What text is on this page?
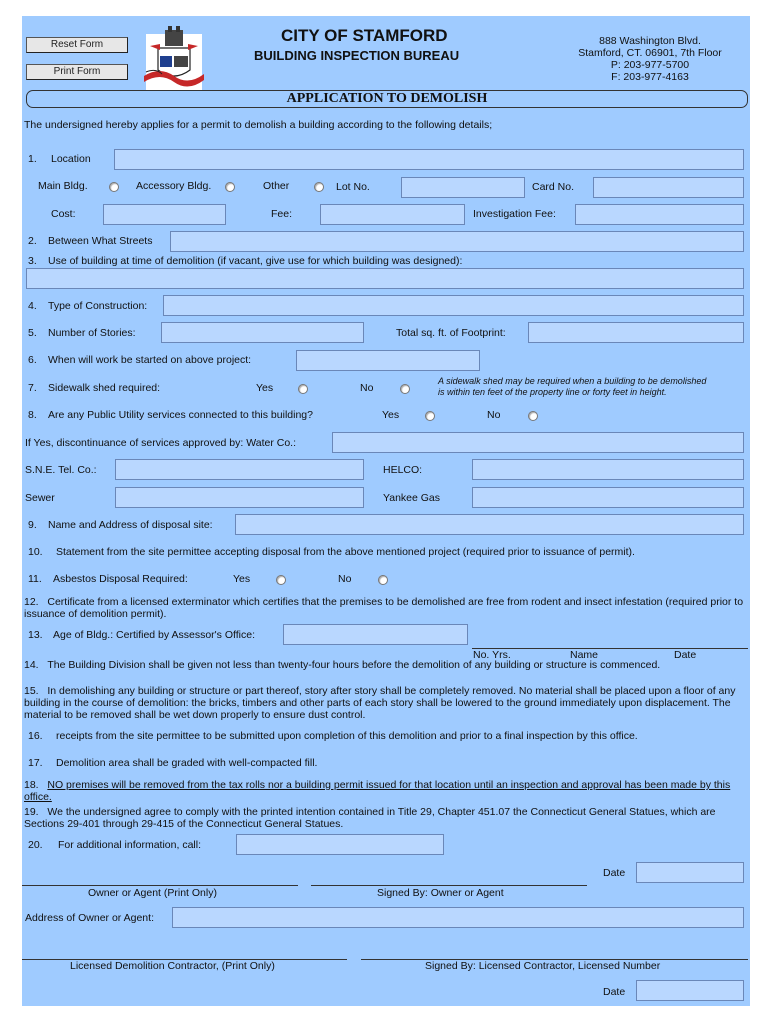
Reset Form
Print Form
CITY OF STAMFORD
BUILDING INSPECTION BUREAU
888 Washington Blvd.
Stamford, CT. 06901, 7th Floor
P: 203-977-5700
F: 203-977-4163
APPLICATION TO DEMOLISH
The undersigned hereby applies for a permit to demolish a building according to the following details;
1. Location
Main Bldg.	Accessory Bldg.	Other	Lot No.	Card No.
Cost:	Fee:	Investigation Fee:
2. Between What Streets
3. Use of building at time of demolition (if vacant, give use for which building was designed):
4. Type of Construction:
5. Number of Stories:	Total sq. ft. of Footprint:
6. When will work be started on above project:
7. Sidewalk shed required:	Yes	No
A sidewalk shed may be required when a building to be demolished
is within ten feet of the property line or forty feet in height.
8. Are any Public Utility services connected to this building?	Yes	No
If Yes, discontinuance of services approved by: Water Co.:
S.N.E. Tel. Co.:	HELCO:
Sewer	Yankee Gas
9. Name and Address of disposal site:
10. Statement from the site permittee accepting disposal from the above mentioned project (required prior to issuance of permit).
11. Asbestos Disposal Required:	Yes	No
12. Certificate from a licensed exterminator which certifies that the premises to be demolished are free from rodent and insect infestation (required prior to issuance of demolition permit).
13. Age of Bldg.: Certified by Assessor's Office:
No. Yrs.	Name	Date
14. The Building Division shall be given not less than twenty-four hours before the demolition of any building or structure is commenced.
15. In demolishing any building or structure or part thereof, story after story shall be completely removed. No material shall be placed upon a floor of any building in the course of demolition: the bricks, timbers and other parts of each story shall be lowered to the ground immediately upon displacement. The material to be removed shall be wet down properly to ensure dust control.
16. receipts from the site permittee to be submitted upon completion of this demolition and prior to a final inspection by this office.
17. Demolition area shall be graded with well-compacted fill.
18. NO premises will be removed from the tax rolls nor a building permit issued for that location until an inspection and approval has been made by this office.
19. We the undersigned agree to comply with the printed intention contained in Title 29, Chapter 451.07 the Connecticut General Statues, which are Sections 29-401 through 29-415 of the Connecticut General Statues.
20. For additional information, call:
Date
Owner or Agent (Print Only)	Signed By: Owner or Agent
Address of Owner or Agent:
Licensed Demolition Contractor, (Print Only)	Signed By: Licensed Contractor, Licensed Number
Date
